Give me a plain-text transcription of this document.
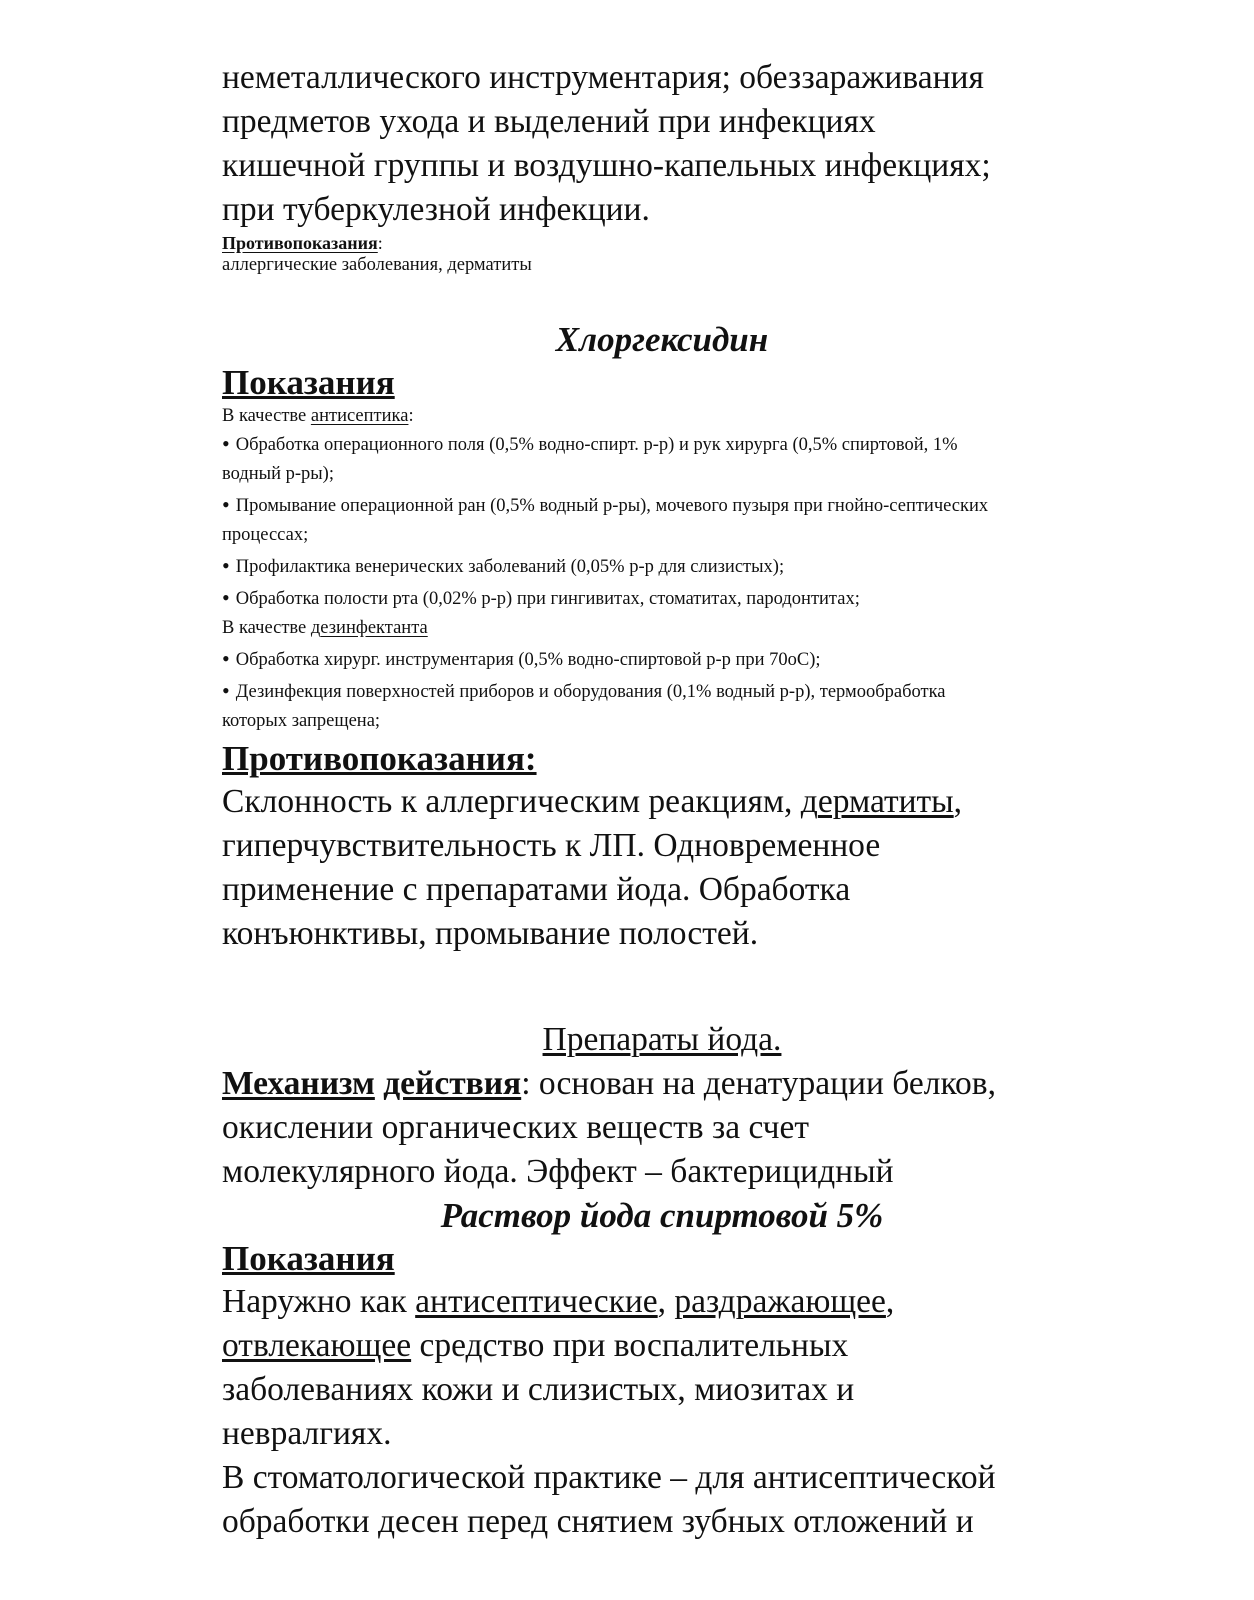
неметаллического инструментария; обеззараживания

предметов ухода и выделений при инфекциях

кишечной группы и воздушно-капельных инфекциях;

при туберкулезной инфекции.

Противопоказания:

аллергические заболевания, дерматиты

Хлоргексидин

Показания

В качестве антисептика:

• Обработка операционного поля (0,5% водно-спирт. р-р) и рук хирурга (0,5% спиртовой, 1%

водный р-ры);

• Промывание операционной ран (0,5% водный р-ры), мочевого пузыря при гнойно-септических

процессах;

• Профилактика венерических заболеваний (0,05% р-р для слизистых);

• Обработка полости рта (0,02% р-р) при гингивитах, стоматитах, пародонтитах;

В качестве дезинфектанта

• Обработка хирург. инструментария (0,5% водно-спиртовой р-р при 70оС);

• Дезинфекция поверхностей приборов и оборудования (0,1% водный р-р), термообработка

которых запрещена;

Противопоказания:

Склонность к аллергическим реакциям, дерматиты,

гиперчувствительность к ЛП. Одновременное

применение с препаратами йода. Обработка

конъюнктивы, промывание полостей.

Препараты йода.

Механизм действия: основан на денатурации белков,

окислении органических веществ за счет

молекулярного йода. Эффект – бактерицидный

Раствор йода спиртовой 5%

Показания

Наружно как антисептические, раздражающее,

отвлекающее средство при воспалительных

заболеваниях кожи и слизистых, миозитах и

невралгиях.

В стоматологической практике – для антисептической

обработки десен перед снятием зубных отложений и
